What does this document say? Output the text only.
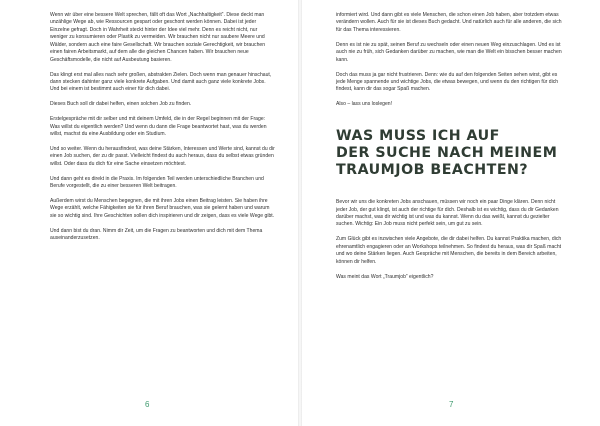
Wenn wir über eine bessere Welt sprechen, fällt oft das Wort „Nachhaltigkeit“. Diese deckt man unzählige Wege ab, wie Ressourcen gespart oder geschont werden können. Dabei ist jeder Einzelne gefragt. Doch in Wahrheit steckt hinter der Idee viel mehr. Denn es reicht nicht, nur weniger zu konsumieren oder Plastik zu vermeiden. Wir brauchen nicht nur saubere Meere und Wälder, sondern auch eine faire Gesellschaft. Wir brauchen soziale Gerechtigkeit, wir brauchen einen fairen Arbeitsmarkt, auf dem alle die gleichen Chancen haben. Wir brauchen neue Geschäftsmodelle, die nicht auf Ausbeutung basieren.

Das klingt erst mal alles nach sehr großen, abstrakten Zielen. Doch wenn man genauer hinschaut, dann stecken dahinter ganz viele konkrete Aufgaben. Und damit auch ganz viele konkrete Jobs. Und bei einem ist bestimmt auch einer für dich dabei.

Dieses Buch soll dir dabei helfen, einen solchen Job zu finden.

Erstelgespräche mit dir selber und mit deinem Umfeld, die in der Regel beginnen mit der Frage: Was willst du eigentlich werden? Und wenn du dann die Frage beantwortet hast, was du werden willst, machst du eine Ausbildung oder ein Studium.

Und so weiter. Wenn du herausfindest, was deine Stärken, Interessen und Werte sind, kannst du dir einen Job suchen, der zu dir passt. Vielleicht findest du auch heraus, dass du selbst etwas gründen willst. Oder dass du dich für eine Sache einsetzen möchtest.

Und dann geht es direkt in die Praxis. Im folgenden Teil werden unterschiedliche Branchen und Berufe vorgestellt, die zu einer besseren Welt beitragen.

Außerdem wirst du Menschen begegnen, die mit ihren Jobs einen Beitrag leisten. Sie haben ihre Wege erzählt, welche Fähigkeiten sie für ihren Beruf brauchen, was sie gelernt haben und warum sie so wichtig sind. Ihre Geschichten sollen dich inspirieren und dir zeigen, dass es viele Wege gibt.

Und dann bist du dran. Nimm dir Zeit, um die Fragen zu beantworten und dich mit dem Thema auseinanderzusetzen.

6

informiert wird. Und dann gibt es viele Menschen, die schon einen Job haben, aber trotzdem etwas verändern wollen. Auch für sie ist dieses Buch gedacht. Und natürlich auch für alle anderen, die sich für das Thema interessieren.

Denn es ist nie zu spät, seinen Beruf zu wechseln oder einen neuen Weg einzuschlagen. Und es ist auch nie zu früh, sich Gedanken darüber zu machen, wie man die Welt ein bisschen besser machen kann.

Doch das muss ja gar nicht frustrieren. Denn: wie du auf den folgenden Seiten sehen wirst, gibt es jede Menge spannende und wichtige Jobs, die etwas bewegen, und wenn du den richtigen für dich findest, kann dir das sogar Spaß machen.

Also – lass uns loslegen!

WAS MUSS ICH AUF
DER SUCHE NACH MEINEM
TRAUMJOB BEACHTEN?

Bevor wir uns die konkreten Jobs anschauen, müssen wir noch ein paar Dinge klären. Denn nicht jeder Job, der gut klingt, ist auch der richtige für dich. Deshalb ist es wichtig, dass du dir Gedanken darüber machst, was dir wichtig ist und was du kannst. Wenn du das weißt, kannst du gezielter suchen. Wichtig: Ein Job muss nicht perfekt sein, um gut zu sein.

Zum Glück gibt es inzwischen viele Angebote, die dir dabei helfen. Du kannst Praktika machen, dich ehrenamtlich engagieren oder an Workshops teilnehmen. So findest du heraus, was dir Spaß macht und wo deine Stärken liegen. Auch Gespräche mit Menschen, die bereits in dem Bereich arbeiten, können dir helfen.

Was meint das Wort „Traumjob“ eigentlich?

7
